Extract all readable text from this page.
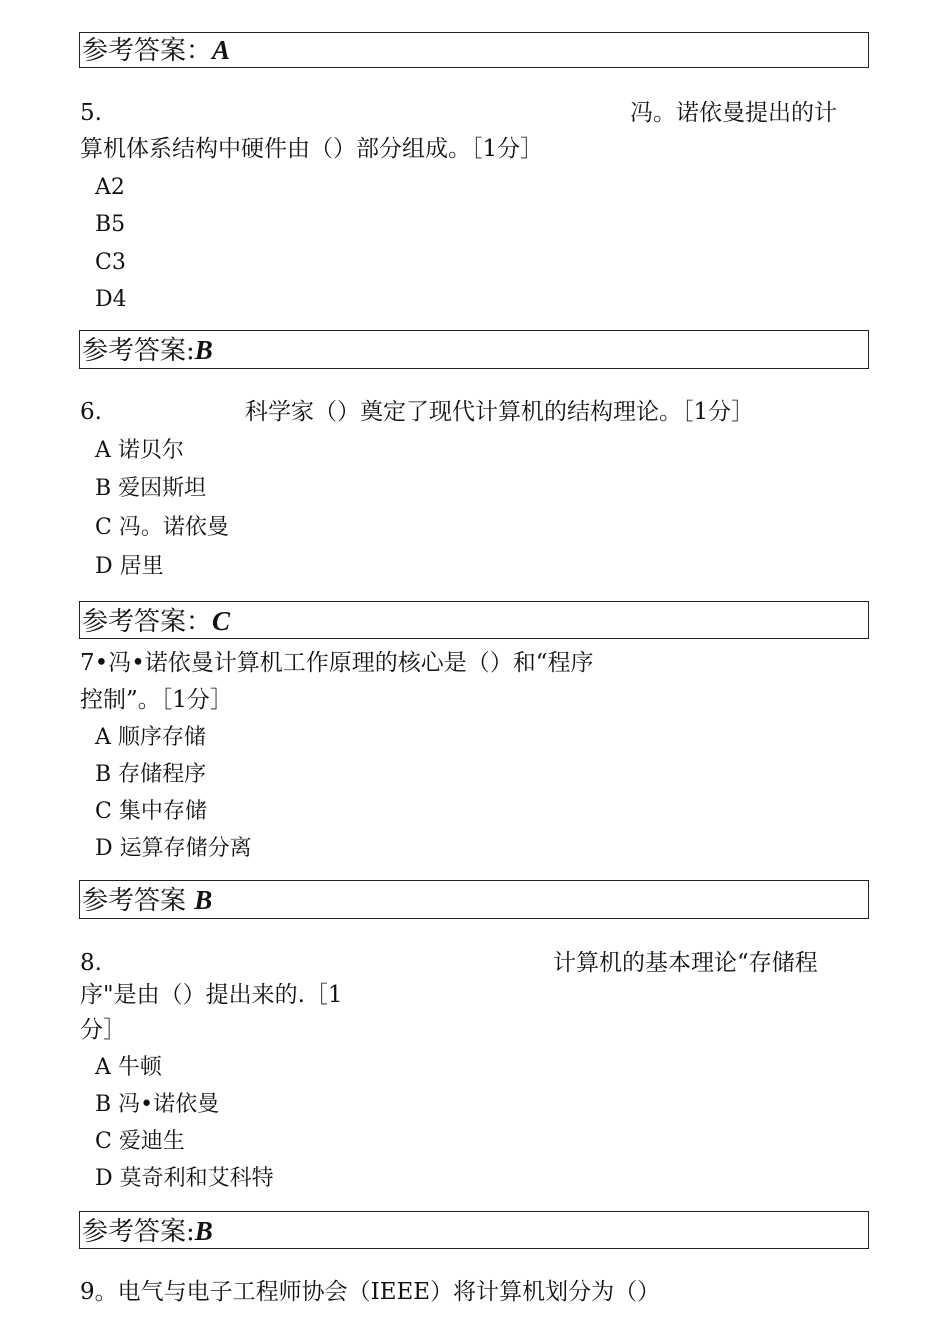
参考答案：A
5.	冯。诺依曼提出的计
算机体系结构中硬件由（）部分组成。［1分］
A2
B5
C3
D4
参考答案:B
6.	科学家（）奠定了现代计算机的结构理论。［1分］
A 诺贝尔
B 爱因斯坦
C 冯。诺依曼
D 居里
参考答案：C
7•冯•诺依曼计算机工作原理的核心是（）和“程序
控制”。［1分］
A 顺序存储
B 存储程序
C 集中存储
D 运算存储分离
参考答案 B
8.	计算机的基本理论“存储程
序"是由（）提出来的.［1
分］
A 牛顿
B 冯•诺依曼
C 爱迪生
D 莫奇利和艾科特
参考答案:B
9。电气与电子工程师协会（IEEE）将计算机划分为（）
